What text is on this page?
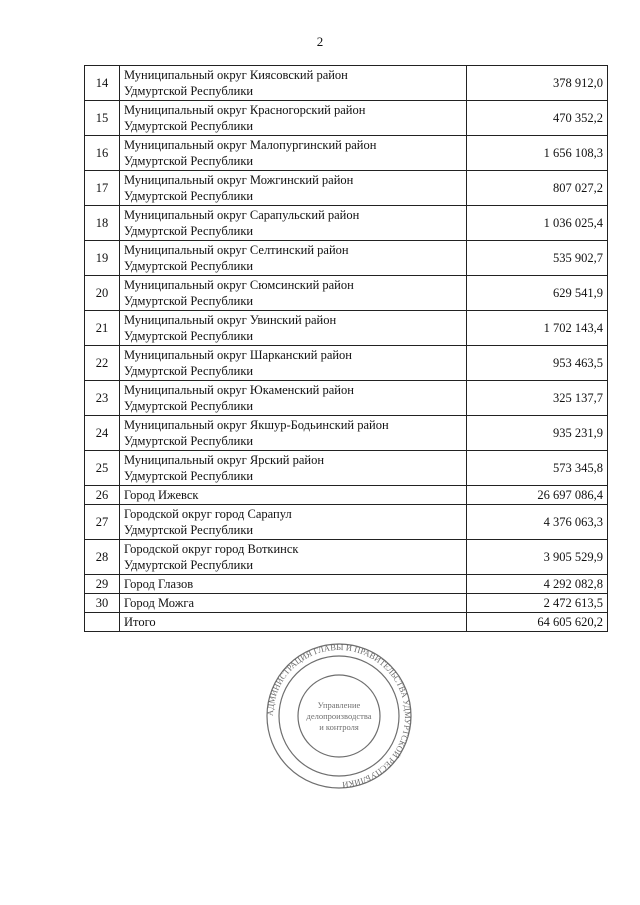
2
14	Муниципальный округ Киясовский район
Удмуртской Республики	378 912,0
15	Муниципальный округ Красногорский район
Удмуртской Республики	470 352,2
16	Муниципальный округ Малопургинский район
Удмуртской Республики	1 656 108,3
17	Муниципальный округ Можгинский район
Удмуртской Республики	807 027,2
18	Муниципальный округ Сарапульский район
Удмуртской Республики	1 036 025,4
19	Муниципальный округ Селтинский район
Удмуртской Республики	535 902,7
20	Муниципальный округ Сюмсинский район
Удмуртской Республики	629 541,9
21	Муниципальный округ Увинский район
Удмуртской Республики	1 702 143,4
22	Муниципальный округ Шарканский район
Удмуртской Республики	953 463,5
23	Муниципальный округ Юкаменский район
Удмуртской Республики	325 137,7
24	Муниципальный округ Якшур-Бодьинский район
Удмуртской Республики	935 231,9
25	Муниципальный округ Ярский район
Удмуртской Республики	573 345,8
26	Город Ижевск	26 697 086,4
27	Городской округ город Сарапул
Удмуртской Республики	4 376 063,3
28	Городской округ город Воткинск
Удмуртской Республики	3 905 529,9
29	Город Глазов	4 292 082,8
30	Город Можга	2 472 613,5

	Итого	64 605 620,2
АДМИНИСТРАЦИЯ ГЛАВЫ И ПРАВИТЕЛЬСТВА УДМУРТСКОЙ РЕСПУБЛИКИ
Управление
делопроизводства
и контроля
